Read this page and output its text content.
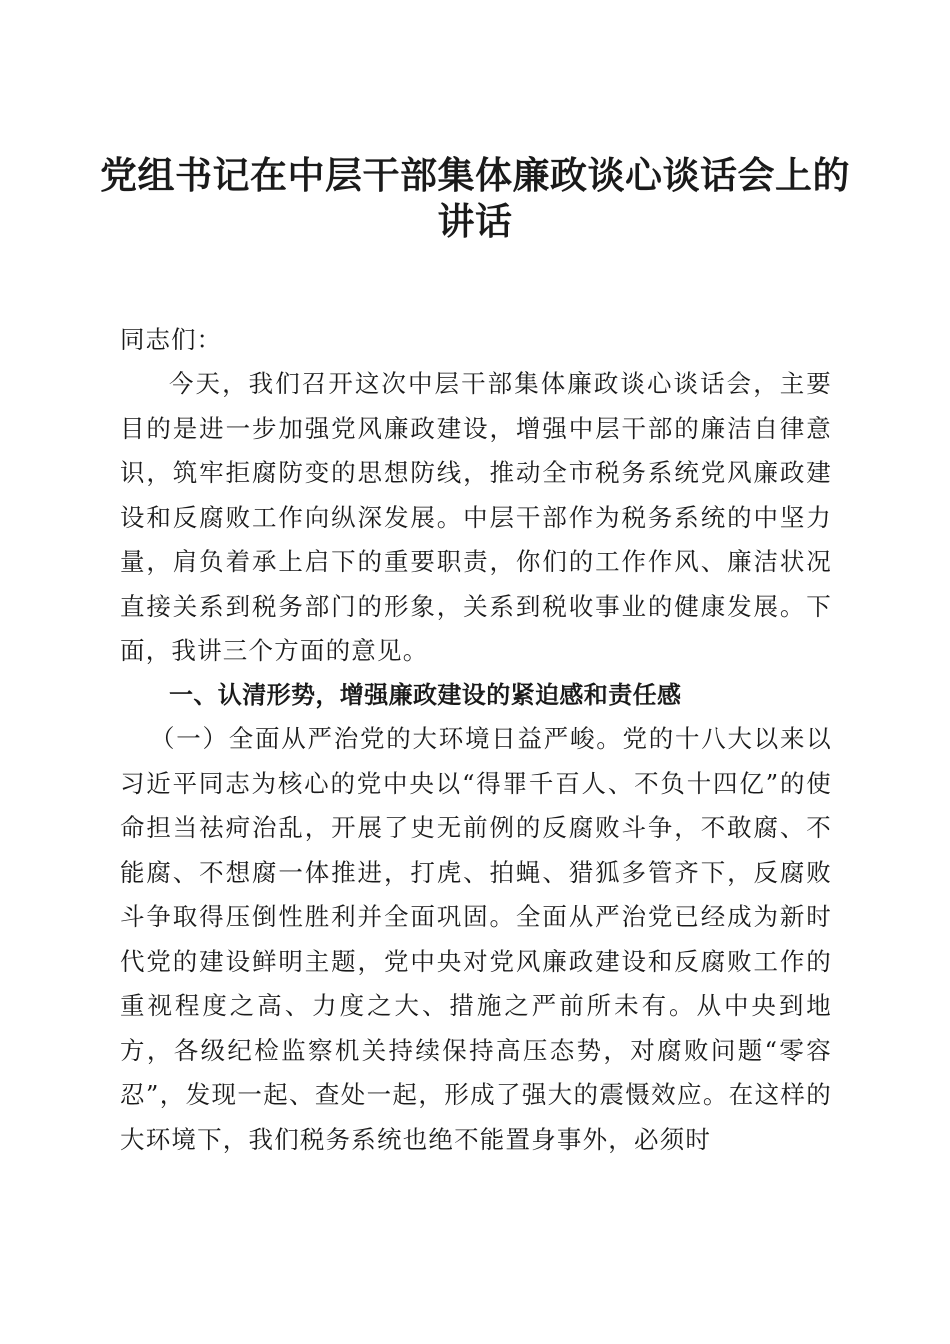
党组书记在中层干部集体廉政谈心谈话会上的
讲话

同志们：

今天，我们召开这次中层干部集体廉政谈心谈话会，主要目的是进一步加强党风廉政建设，增强中层干部的廉洁自律意识，筑牢拒腐防变的思想防线，推动全市税务系统党风廉政建设和反腐败工作向纵深发展。中层干部作为税务系统的中坚力量，肩负着承上启下的重要职责，你们的工作作风、廉洁状况直接关系到税务部门的形象，关系到税收事业的健康发展。下面，我讲三个方面的意见。

一、认清形势，增强廉政建设的紧迫感和责任感

（一）全面从严治党的大环境日益严峻。党的十八大以来以习近平同志为核心的党中央以“得罪千百人、不负十四亿”的使命担当祛疴治乱，开展了史无前例的反腐败斗争，不敢腐、不能腐、不想腐一体推进，打虎、拍蝇、猎狐多管齐下，反腐败斗争取得压倒性胜利并全面巩固。全面从严治党已经成为新时代党的建设鲜明主题，党中央对党风廉政建设和反腐败工作的重视程度之高、力度之大、措施之严前所未有。从中央到地方，各级纪检监察机关持续保持高压态势，对腐败问题“零容忍”，发现一起、查处一起，形成了强大的震慑效应。在这样的大环境下，我们税务系统也绝不能置身事外，必须时
